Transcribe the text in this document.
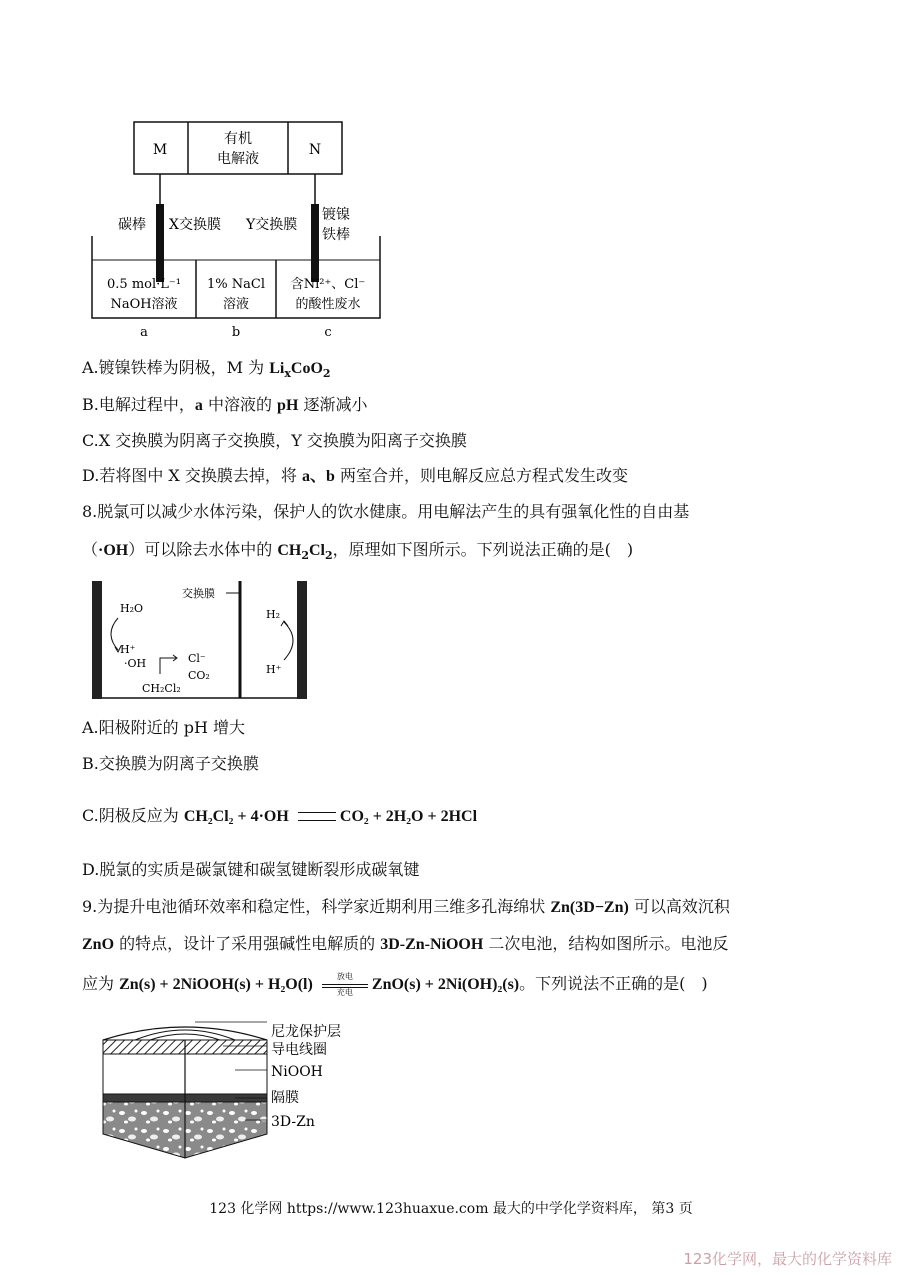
M
有机
电解液
N
碳棒 X交换膜 Y交换膜
镀镍
铁棒
0.5 mol·L⁻¹
NaOH溶液
1% NaCl
溶液
含Ni²⁺、Cl⁻
的酸性废水
a	b	c
A.镀镍铁棒为阴极，M 为 $Li_xCoO_2$
B.电解过程中，a 中溶液的 pH 逐渐减小
C.X 交换膜为阴离子交换膜，Y 交换膜为阳离子交换膜
D.若将图中 X 交换膜去掉，将 a、b 两室合并，则电解反应总方程式发生改变
8.脱氯可以减少水体污染，保护人的饮水健康。用电解法产生的具有强氧化性的自由基
（·OH）可以除去水体中的 $CH_2Cl_2$，原理如下图所示。下列说法正确的是(　)
交换膜
H₂O
H⁺
·OH	Cl⁻
CO₂
CH₂Cl₂
H₂
H⁺
A.阳极附近的 pH 增大
B.交换膜为阴离子交换膜
C.阴极反应为 CH₂Cl₂ + 4·OH	CO₂ + 2H₂O + 2HCl
D.脱氯的实质是碳氯键和碳氢键断裂形成碳氧键
9.为提升电池循环效率和稳定性，科学家近期利用三维多孔海绵状 Zn(3D−Zn) 可以高效沉积
ZnO 的特点，设计了采用强碱性电解质的 3D-Zn-NiOOH 二次电池，结构如图所示。电池反
应为 Zn(s) + 2NiOOH(s) + H₂O(l)	放电
充电	ZnO(s) + 2Ni(OH)₂(s)。下列说法不正确的是(　)
尼龙保护层
导电线圈
NiOOH
隔膜
3D-Zn
123 化学网 https://www.123huaxue.com 最大的中学化学资料库， 第3 页
123化学网，最大的化学资料库
